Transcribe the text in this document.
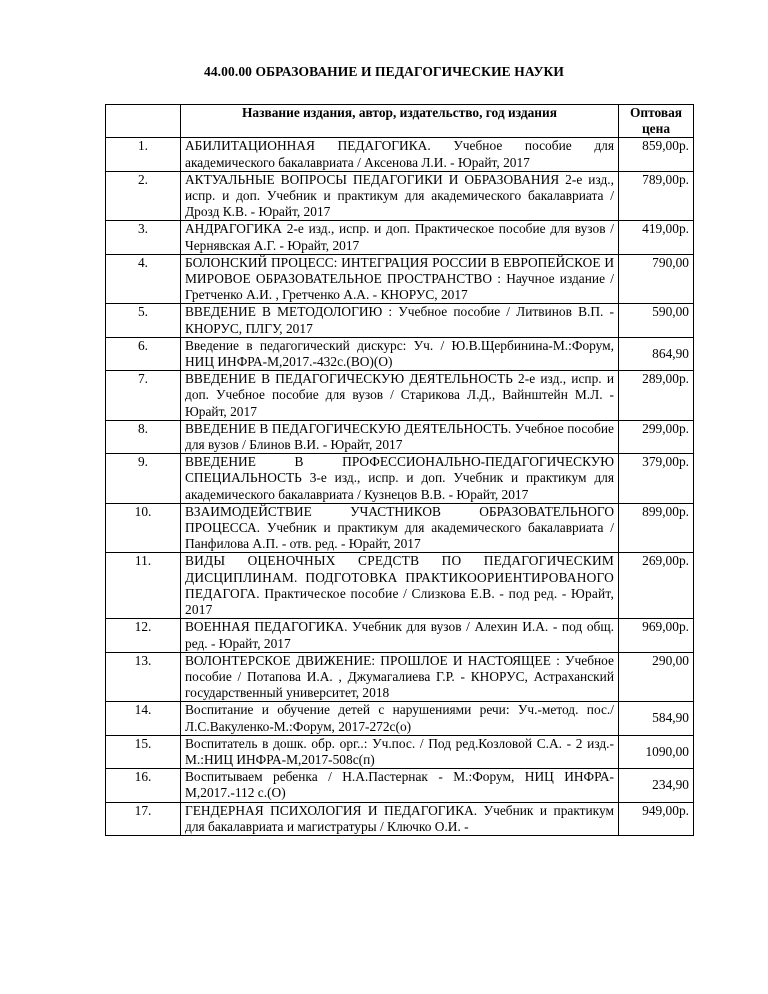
44.00.00 ОБРАЗОВАНИЕ И ПЕДАГОГИЧЕСКИЕ НАУКИ
	Название издания, автор, издательство, год издания	Оптовая цена
1.	АБИЛИТАЦИОННАЯ ПЕДАГОГИКА. Учебное пособие для академического бакалавриата / Аксенова Л.И. - Юрайт, 2017	859,00р.
2.	АКТУАЛЬНЫЕ ВОПРОСЫ ПЕДАГОГИКИ И ОБРАЗОВАНИЯ 2-е изд., испр. и доп. Учебник и практикум для академического бакалавриата / Дрозд К.В. - Юрайт, 2017	789,00р.
3.	АНДРАГОГИКА 2-е изд., испр. и доп. Практическое пособие для вузов / Чернявская А.Г. - Юрайт, 2017	419,00р.
4.	БОЛОНСКИЙ ПРОЦЕСС: ИНТЕГРАЦИЯ РОССИИ В ЕВРОПЕЙСКОЕ И МИРОВОЕ ОБРАЗОВАТЕЛЬНОЕ ПРОСТРАНСТВО : Научное издание / Гретченко А.И. , Гретченко А.А. - КНОРУС, 2017	790,00
5.	ВВЕДЕНИЕ В МЕТОДОЛОГИЮ : Учебное пособие / Литвинов В.П. - КНОРУС, ПЛГУ, 2017	590,00
6.	Введение в педагогический дискурс: Уч. / Ю.В.Щербинина-М.:Форум, НИЦ ИНФРА-М,2017.-432с.(ВО)(О)	864,90
7.	ВВЕДЕНИЕ В ПЕДАГОГИЧЕСКУЮ ДЕЯТЕЛЬНОСТЬ 2-е изд., испр. и доп. Учебное пособие для вузов / Старикова Л.Д., Вайнштейн М.Л. - Юрайт, 2017	289,00р.
8.	ВВЕДЕНИЕ В ПЕДАГОГИЧЕСКУЮ ДЕЯТЕЛЬНОСТЬ. Учебное пособие для вузов / Блинов В.И. - Юрайт, 2017	299,00р.
9.	ВВЕДЕНИЕ В ПРОФЕССИОНАЛЬНО-ПЕДАГОГИЧЕСКУЮ СПЕЦИАЛЬНОСТЬ 3-е изд., испр. и доп. Учебник и практикум для академического бакалавриата / Кузнецов В.В. - Юрайт, 2017	379,00р.
10.	ВЗАИМОДЕЙСТВИЕ УЧАСТНИКОВ ОБРАЗОВАТЕЛЬНОГО ПРОЦЕССА. Учебник и практикум для академического бакалавриата / Панфилова А.П. - отв. ред. - Юрайт, 2017	899,00р.
11.	ВИДЫ ОЦЕНОЧНЫХ СРЕДСТВ ПО ПЕДАГОГИЧЕСКИМ ДИСЦИПЛИНАМ. ПОДГОТОВКА ПРАКТИКООРИЕНТИРОВАНОГО ПЕДАГОГА. Практическое пособие / Слизкова Е.В. - под ред. - Юрайт, 2017	269,00р.
12.	ВОЕННАЯ ПЕДАГОГИКА. Учебник для вузов / Алехин И.А. - под общ. ред. - Юрайт, 2017	969,00р.
13.	ВОЛОНТЕРСКОЕ ДВИЖЕНИЕ: ПРОШЛОЕ И НАСТОЯЩЕЕ : Учебное пособие / Потапова И.А. , Джумагалиева Г.Р. - КНОРУС, Астраханский государственный университет, 2018	290,00
14.	Воспитание и обучение детей с нарушениями речи: Уч.-метод. пос./Л.С.Вакуленко-М.:Форум, 2017-272с(о)	584,90
15.	Воспитатель в дошк. обр. орг..: Уч.пос. / Под ред.Козловой С.А. - 2 изд.-М.:НИЦ ИНФРА-М,2017-508с(п)	1090,00
16.	Воспитываем ребенка / Н.А.Пастернак - М.:Форум, НИЦ ИНФРА-М,2017.-112 с.(О)	234,90
17.	ГЕНДЕРНАЯ ПСИХОЛОГИЯ И ПЕДАГОГИКА. Учебник и практикум для бакалавриата и магистратуры / Ключко О.И. -	949,00р.
